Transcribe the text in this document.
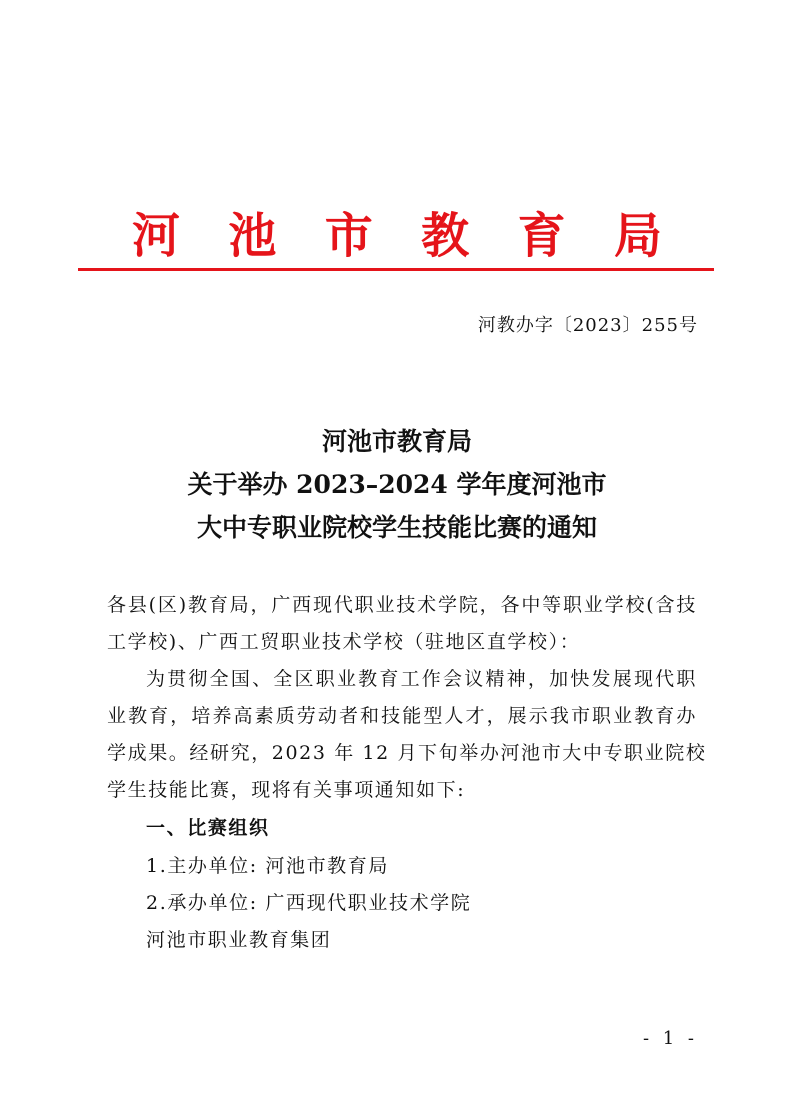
河 池 市 教 育 局
河教办字〔2023〕255号
河池市教育局
关于举办 2023–2024 学年度河池市
大中专职业院校学生技能比赛的通知
各县(区)教育局，广西现代职业技术学院，各中等职业学校(含技
工学校)、广西工贸职业技术学校（驻地区直学校）：
为贯彻全国、全区职业教育工作会议精神，加快发展现代职
业教育，培养高素质劳动者和技能型人才，展示我市职业教育办
学成果。经研究，2023 年 12 月下旬举办河池市大中专职业院校
学生技能比赛，现将有关事项通知如下:
一、比赛组织
1.主办单位: 河池市教育局
2.承办单位: 广西现代职业技术学院
河池市职业教育集团
- 1 -
